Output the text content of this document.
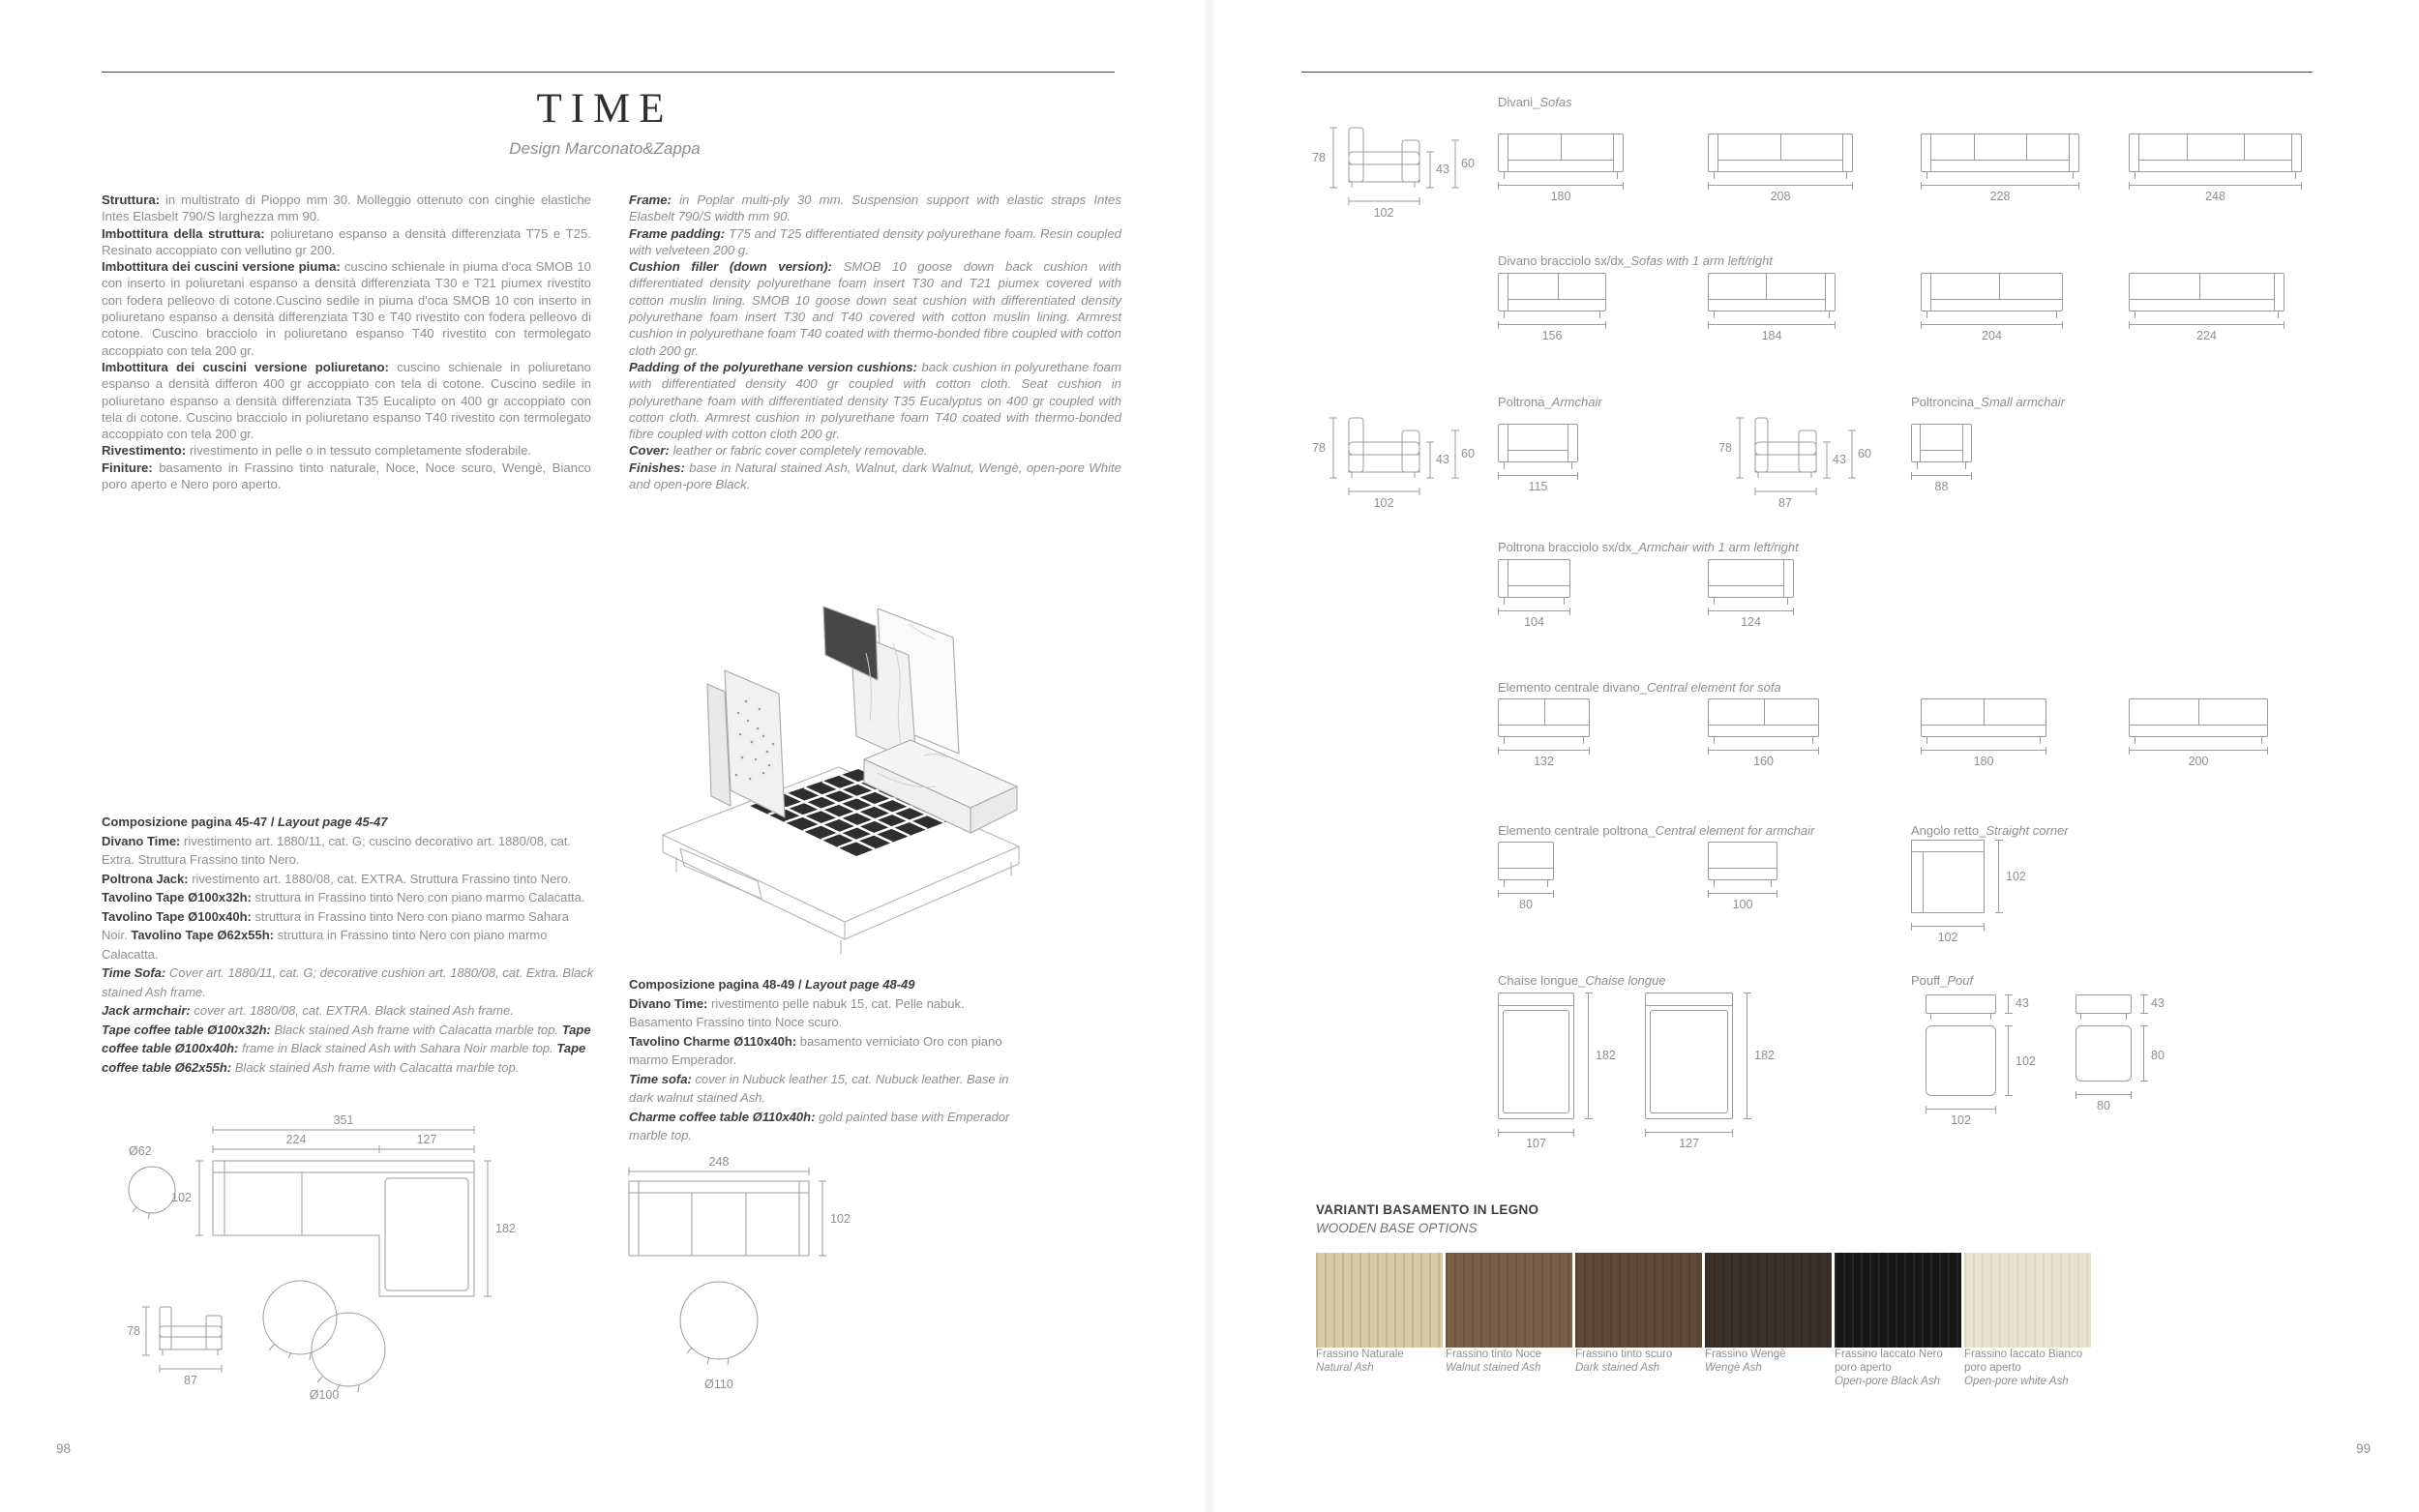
TIME
Design Marconato&Zappa

Struttura: in multistrato di Pioppo mm 30. Molleggio ottenuto con cinghie elastiche Intes Elasbelt 790/S larghezza mm 90.

Imbottitura della struttura: poliuretano espanso a densità differenziata T75 e T25. Resinato accoppiato con vellutino gr 200.

Imbottitura dei cuscini versione piuma: cuscino schienale in piuma d'oca SMOB 10 con inserto in poliuretani espanso a densità differenziata T30 e T21 piumex rivestito con fodera pelleovo di cotone.Cuscino sedile in piuma d'oca SMOB 10 con inserto in poliuretano espanso a densità differenziata T30 e T40 rivestito con fodera pelleovo di cotone. Cuscino bracciolo in poliuretano espanso T40 rivestito con termolegato accoppiato con tela 200 gr.

Imbottitura dei cuscini versione poliuretano: cuscino schienale in poliuretano espanso a densità differon 400 gr accoppiato con tela di cotone. Cuscino sedile in poliuretano espanso a densità differenziata T35 Eucalipto on 400 gr accoppiato con tela di cotone. Cuscino bracciolo in poliuretano espanso T40 rivestito con termolegato accoppiato con tela 200 gr.

Rivestimento: rivestimento in pelle o in tessuto completamente sfoderabile.

Finiture: basamento in Frassino tinto naturale, Noce, Noce scuro, Wengè, Bianco poro aperto e Nero poro aperto.

Frame: in Poplar multi-ply 30 mm. Suspension support with elastic straps Intes Elasbelt 790/S width mm 90.

Frame padding: T75 and T25 differentiated density polyurethane foam. Resin coupled with velveteen 200 g.

Cushion filler (down version): SMOB 10 goose down back cushion with differentiated density polyurethane foam insert T30 and T21 piumex covered with cotton muslin lining. SMOB 10 goose down seat cushion with differentiated density polyurethane foam insert T30 and T40 covered with cotton muslin lining. Armrest cushion in polyurethane foam T40 coated with thermo-bonded fibre coupled with cotton cloth 200 gr.

Padding of the polyurethane version cushions: back cushion in polyurethane foam with differentiated density 400 gr coupled with cotton cloth. Seat cushion in polyurethane foam with differentiated density T35 Eucalyptus on 400 gr coupled with cotton cloth. Armrest cushion in polyurethane foam T40 coated with thermo-bonded fibre coupled with cotton cloth 200 gr.

Cover: leather or fabric cover completely removable.

Finishes: base in Natural stained Ash, Walnut, dark Walnut, Wengè, open-pore White and open-pore Black.

Composizione pagina 45-47 / Layout page 45-47

Divano Time: rivestimento art. 1880/11, cat. G; cuscino decorativo art. 1880/08, cat. Extra. Struttura Frassino tinto Nero.

Poltrona Jack: rivestimento art. 1880/08, cat. EXTRA. Struttura Frassino tinto Nero.

Tavolino Tape Ø100x32h: struttura in Frassino tinto Nero con piano marmo Calacatta. Tavolino Tape Ø100x40h: struttura in Frassino tinto Nero con piano marmo Sahara Noir. Tavolino Tape Ø62x55h: struttura in Frassino tinto Nero con piano marmo Calacatta.

Time Sofa: Cover art. 1880/11, cat. G; decorative cushion art. 1880/08, cat. Extra. Black stained Ash frame.

Jack armchair: cover art. 1880/08, cat. EXTRA. Black stained Ash frame.

Tape coffee table Ø100x32h: Black stained Ash frame with Calacatta marble top. Tape coffee table Ø100x40h: frame in Black stained Ash with Sahara Noir marble top. Tape coffee table Ø62x55h: Black stained Ash frame with Calacatta marble top.

Composizione pagina 48-49 / Layout page 48-49

Divano Time: rivestimento pelle nabuk 15, cat. Pelle nabuk. Basamento Frassino tinto Noce scuro.

Tavolino Charme Ø110x40h: basamento verniciato Oro con piano marmo Emperador.

Time sofa: cover in Nubuck leather 15, cat. Nubuck leather. Base in dark walnut stained Ash.

Charme coffee table Ø110x40h: gold painted base with Emperador marble top.

351
224	127
102
182
Ø62
Ø100
78
87
248
102
Ø110
98
Divani_Sofas
78
102
43 60
180	208	228	248
Divano bracciolo sx/dx_Sofas with 1 arm left/right
156	184	204	224
Poltrona_Armchair	Poltroncina_Small armchair
78
102
43 60
115
78
87
43 60
88
Poltrona bracciolo sx/dx_Armchair with 1 arm left/right
104	124
Elemento centrale divano_Central element for sofa
132	160	180	200
Elemento centrale poltrona_Central element for armchair	Angolo retto_Straight corner
80	100
102
102
Chaise longue_Chaise longue	Pouff_Pouf
182
107
182
127
43
102
102
43
80
80
VARIANTI BASAMENTO IN LEGNO
WOODEN BASE OPTIONS
Frassino Naturale
Natural Ash
Frassino tinto Noce
Walnut stained Ash
Frassino tinto scuro
Dark stained Ash
Frassino Wengè
Wengè Ash
Frassino laccato Nero poro aperto
Open-pore Black Ash
Frassino laccato Bianco poro aperto
Open-pore white Ash
99
